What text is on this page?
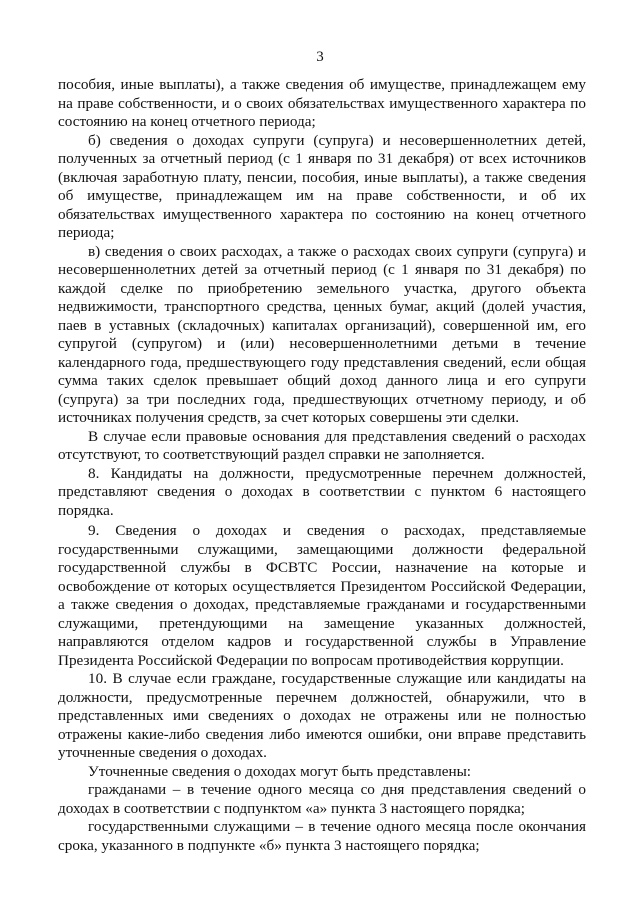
3

пособия, иные выплаты), а также сведения об имуществе, принадлежащем ему на праве собственности, и о своих обязательствах имущественного характера по состоянию на конец отчетного периода;

б) сведения о доходах супруги (супруга) и несовершеннолетних детей, полученных за отчетный период (с 1 января по 31 декабря) от всех источников (включая заработную плату, пенсии, пособия, иные выплаты), а также сведения об имуществе, принадлежащем им на праве собственности, и об их обязательствах имущественного характера по состоянию на конец отчетного периода;

в) сведения о своих расходах, а также о расходах своих супруги (супруга) и несовершеннолетних детей за отчетный период (с 1 января по 31 декабря) по каждой сделке по приобретению земельного участка, другого объекта недвижимости, транспортного средства, ценных бумаг, акций (долей участия, паев в уставных (складочных) капиталах организаций), совершенной им, его супругой (супругом) и (или) несовершеннолетними детьми в течение календарного года, предшествующего году представления сведений, если общая сумма таких сделок превышает общий доход данного лица и его супруги (супруга) за три последних года, предшествующих отчетному периоду, и об источниках получения средств, за счет которых совершены эти сделки.

В случае если правовые основания для представления сведений о расходах отсутствуют, то соответствующий раздел справки не заполняется.

8. Кандидаты на должности, предусмотренные перечнем должностей, представляют сведения о доходах в соответствии с пунктом 6 настоящего порядка.

9. Сведения о доходах и сведения о расходах, представляемые государственными служащими, замещающими должности федеральной государственной службы в ФСВТС России, назначение на которые и освобождение от которых осуществляется Президентом Российской Федерации, а также сведения о доходах, представляемые гражданами и государственными служащими, претендующими на замещение указанных должностей, направляются отделом кадров и государственной службы в Управление Президента Российской Федерации по вопросам противодействия коррупции.

10. В случае если граждане, государственные служащие или кандидаты на должности, предусмотренные перечнем должностей, обнаружили, что в представленных ими сведениях о доходах не отражены или не полностью отражены какие-либо сведения либо имеются ошибки, они вправе представить уточненные сведения о доходах.

Уточненные сведения о доходах могут быть представлены:

гражданами – в течение одного месяца со дня представления сведений о доходах в соответствии с подпунктом «а» пункта 3 настоящего порядка;

государственными служащими – в течение одного месяца после окончания срока, указанного в подпункте «б» пункта 3 настоящего порядка;
